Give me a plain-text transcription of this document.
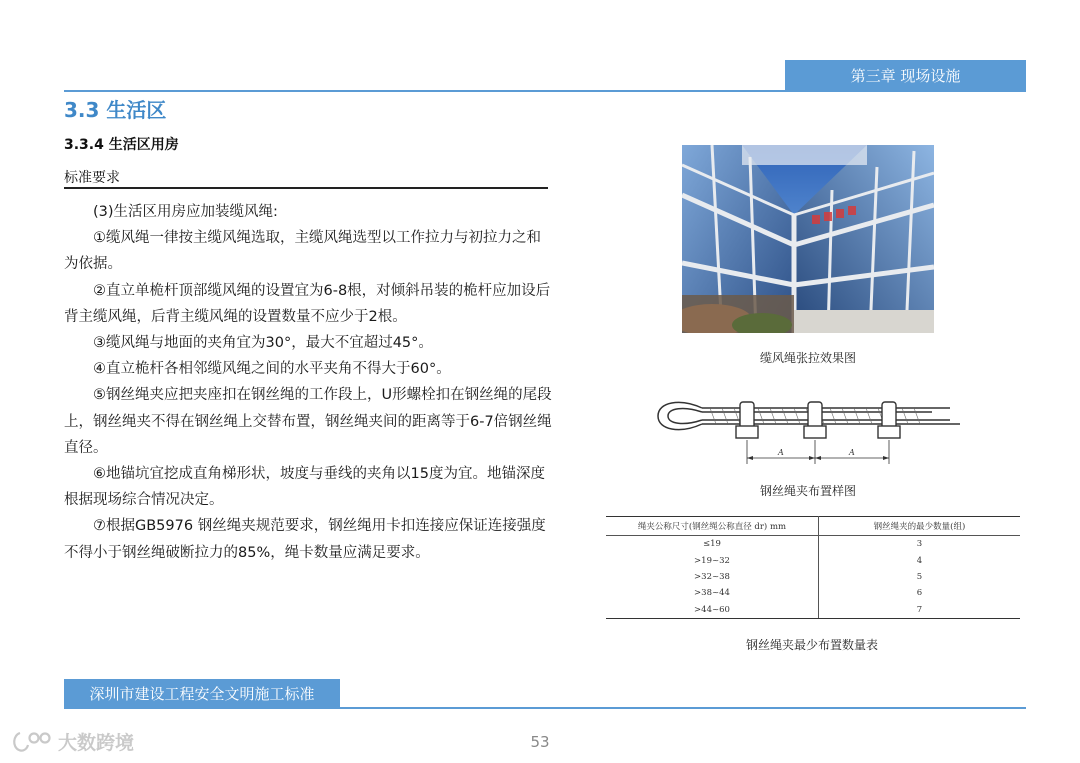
第三章 现场设施
3.3 生活区
3.3.4 生活区用房
标准要求

(3)生活区用房应加装缆风绳:

①缆风绳一律按主缆风绳选取，主缆风绳选型以工作拉力与初拉力之和为依据。

②直立单桅杆顶部缆风绳的设置宜为6-8根，对倾斜吊装的桅杆应加设后背主缆风绳，后背主缆风绳的设置数量不应少于2根。

③缆风绳与地面的夹角宜为30°，最大不宜超过45°。

④直立桅杆各相邻缆风绳之间的水平夹角不得大于60°。

⑤钢丝绳夹应把夹座扣在钢丝绳的工作段上，U形螺栓扣在钢丝绳的尾段上，钢丝绳夹不得在钢丝绳上交替布置，钢丝绳夹间的距离等于6-7倍钢丝绳直径。

⑥地锚坑宜挖成直角梯形状，坡度与垂线的夹角以15度为宜。地锚深度根据现场综合情况决定。

⑦根据GB5976 钢丝绳夹规范要求，钢丝绳用卡扣连接应保证连接强度不得小于钢丝绳破断拉力的85%，绳卡数量应满足要求。

缆风绳张拉效果图
A	A
钢丝绳夹布置样图
绳夹公称尺寸(钢丝绳公称直径 dr) mm	钢丝绳夹的最少数量(组)
≤19	3
>19~32	4
>32~38	5
>38~44	6
>44~60	7
钢丝绳夹最少布置数量表
深圳市建设工程安全文明施工标准
53
大数跨境
